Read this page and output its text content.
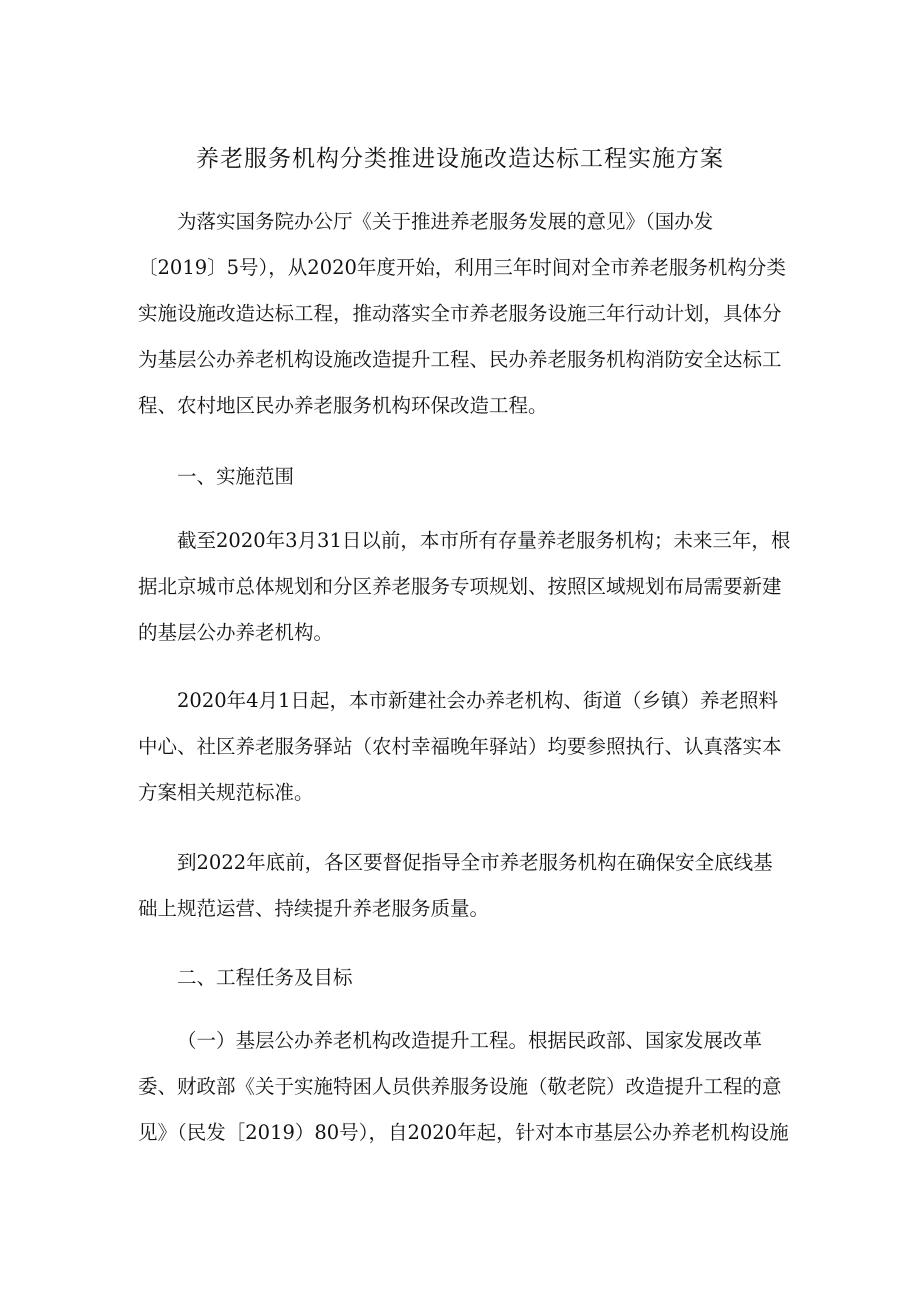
养老服务机构分类推进设施改造达标工程实施方案
为落实国务院办公厅《关于推进养老服务发展的意见》（国办发
〔2019〕5号），从2020年度开始，利用三年时间对全市养老服务机构分类
实施设施改造达标工程，推动落实全市养老服务设施三年行动计划，具体分
为基层公办养老机构设施改造提升工程、民办养老服务机构消防安全达标工
程、农村地区民办养老服务机构环保改造工程。
一、实施范围
截至2020年3月31日以前，本市所有存量养老服务机构；未来三年，根
据北京城市总体规划和分区养老服务专项规划、按照区域规划布局需要新建
的基层公办养老机构。
2020年4月1日起，本市新建社会办养老机构、街道（乡镇）养老照料
中心、社区养老服务驿站（农村幸福晚年驿站）均要参照执行、认真落实本
方案相关规范标准。
到2022年底前，各区要督促指导全市养老服务机构在确保安全底线基
础上规范运营、持续提升养老服务质量。
二、工程任务及目标
（一）基层公办养老机构改造提升工程。根据民政部、国家发展改革
委、财政部《关于实施特困人员供养服务设施（敬老院）改造提升工程的意
见》（民发［2019）80号），自2020年起，针对本市基层公办养老机构设施
